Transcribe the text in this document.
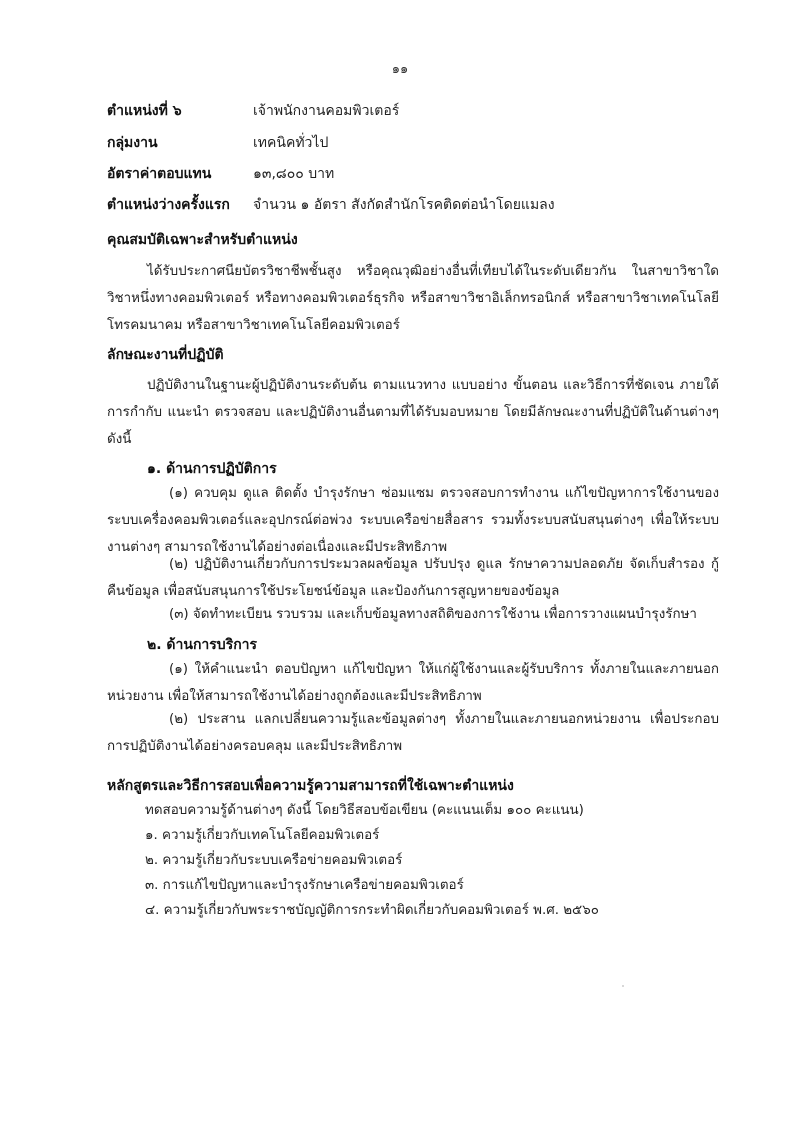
๑๑
ตำแหน่งที่ ๖	เจ้าพนักงานคอมพิวเตอร์
กลุ่มงาน	เทคนิคทั่วไป
อัตราค่าตอบแทน	๑๓,๘๐๐ บาท
ตำแหน่งว่างครั้งแรก จำนวน ๑ อัตรา สังกัดสำนักโรคติดต่อนำโดยแมลง
คุณสมบัติเฉพาะสำหรับตำแหน่ง
ได้รับประกาศนียบัตรวิชาชีพชั้นสูง หรือคุณวุฒิอย่างอื่นที่เทียบได้ในระดับเดียวกัน ในสาขาวิชาใดวิชาหนึ่งทางคอมพิวเตอร์ หรือทางคอมพิวเตอร์ธุรกิจ หรือสาขาวิชาอิเล็กทรอนิกส์ หรือสาขาวิชาเทคโนโลยีโทรคมนาคม หรือสาขาวิชาเทคโนโลยีคอมพิวเตอร์
ลักษณะงานที่ปฏิบัติ
ปฏิบัติงานในฐานะผู้ปฏิบัติงานระดับต้น ตามแนวทาง แบบอย่าง ขั้นตอน และวิธีการที่ชัดเจน ภายใต้การกำกับ แนะนำ ตรวจสอบ และปฏิบัติงานอื่นตามที่ได้รับมอบหมาย โดยมีลักษณะงานที่ปฏิบัติในด้านต่างๆ ดังนี้
๑. ด้านการปฏิบัติการ
(๑) ควบคุม ดูแล ติดตั้ง บำรุงรักษา ซ่อมแซม ตรวจสอบการทำงาน แก้ไขปัญหาการใช้งานของระบบเครื่องคอมพิวเตอร์และอุปกรณ์ต่อพ่วง ระบบเครือข่ายสื่อสาร รวมทั้งระบบสนับสนุนต่างๆ เพื่อให้ระบบงานต่างๆ สามารถใช้งานได้อย่างต่อเนื่องและมีประสิทธิภาพ
(๒) ปฏิบัติงานเกี่ยวกับการประมวลผลข้อมูล ปรับปรุง ดูแล รักษาความปลอดภัย จัดเก็บสำรอง กู้คืนข้อมูล เพื่อสนับสนุนการใช้ประโยชน์ข้อมูล และป้องกันการสูญหายของข้อมูล
(๓) จัดทำทะเบียน รวบรวม และเก็บข้อมูลทางสถิติของการใช้งาน เพื่อการวางแผนบำรุงรักษา
๒. ด้านการบริการ
(๑) ให้คำแนะนำ ตอบปัญหา แก้ไขปัญหา ให้แก่ผู้ใช้งานและผู้รับบริการ ทั้งภายในและภายนอกหน่วยงาน เพื่อให้สามารถใช้งานได้อย่างถูกต้องและมีประสิทธิภาพ
(๒) ประสาน แลกเปลี่ยนความรู้และข้อมูลต่างๆ ทั้งภายในและภายนอกหน่วยงาน เพื่อประกอบการปฏิบัติงานได้อย่างครอบคลุม และมีประสิทธิภาพ
หลักสูตรและวิธีการสอบเพื่อความรู้ความสามารถที่ใช้เฉพาะตำแหน่ง
ทดสอบความรู้ด้านต่างๆ ดังนี้ โดยวิธีสอบข้อเขียน (คะแนนเต็ม ๑๐๐ คะแนน)
๑. ความรู้เกี่ยวกับเทคโนโลยีคอมพิวเตอร์
๒. ความรู้เกี่ยวกับระบบเครือข่ายคอมพิวเตอร์
๓. การแก้ไขปัญหาและบำรุงรักษาเครือข่ายคอมพิวเตอร์
๔. ความรู้เกี่ยวกับพระราชบัญญัติการกระทำผิดเกี่ยวกับคอมพิวเตอร์ พ.ศ. ๒๕๖๐
